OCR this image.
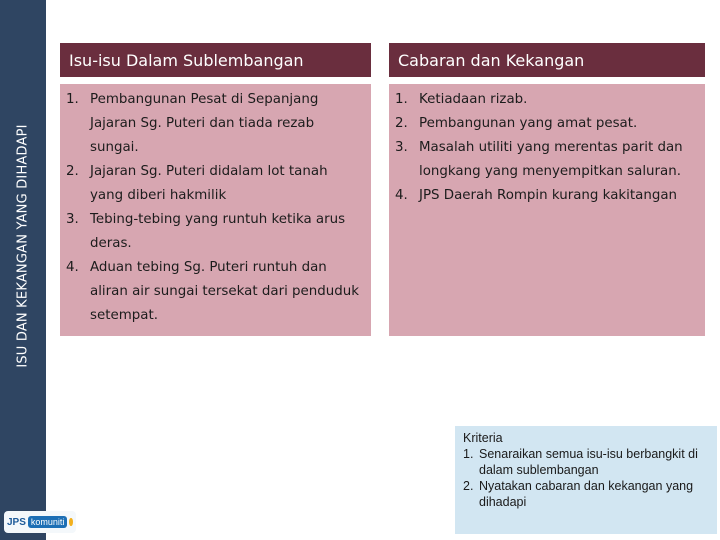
ISU DAN KEKANGAN YANG DIHADAPI
Isu-isu Dalam Sublembangan
1. Pembangunan Pesat di Sepanjang Jajaran Sg. Puteri dan tiada rezab sungai.
2. Jajaran Sg. Puteri didalam lot tanah yang diberi hakmilik
3. Tebing-tebing yang runtuh ketika arus deras.
4. Aduan tebing Sg. Puteri runtuh dan aliran air sungai tersekat dari penduduk setempat.
Cabaran dan Kekangan
1. Ketiadaan rizab.
2. Pembangunan yang amat pesat.
3. Masalah utiliti yang merentas parit dan longkang yang menyempitkan saluran.
4. JPS Daerah Rompin kurang kakitangan
Kriteria
1. Senaraikan semua isu-isu berbangkit di dalam sublembangan
2. Nyatakan cabaran dan kekangan yang dihadapi
JPS komuniti
